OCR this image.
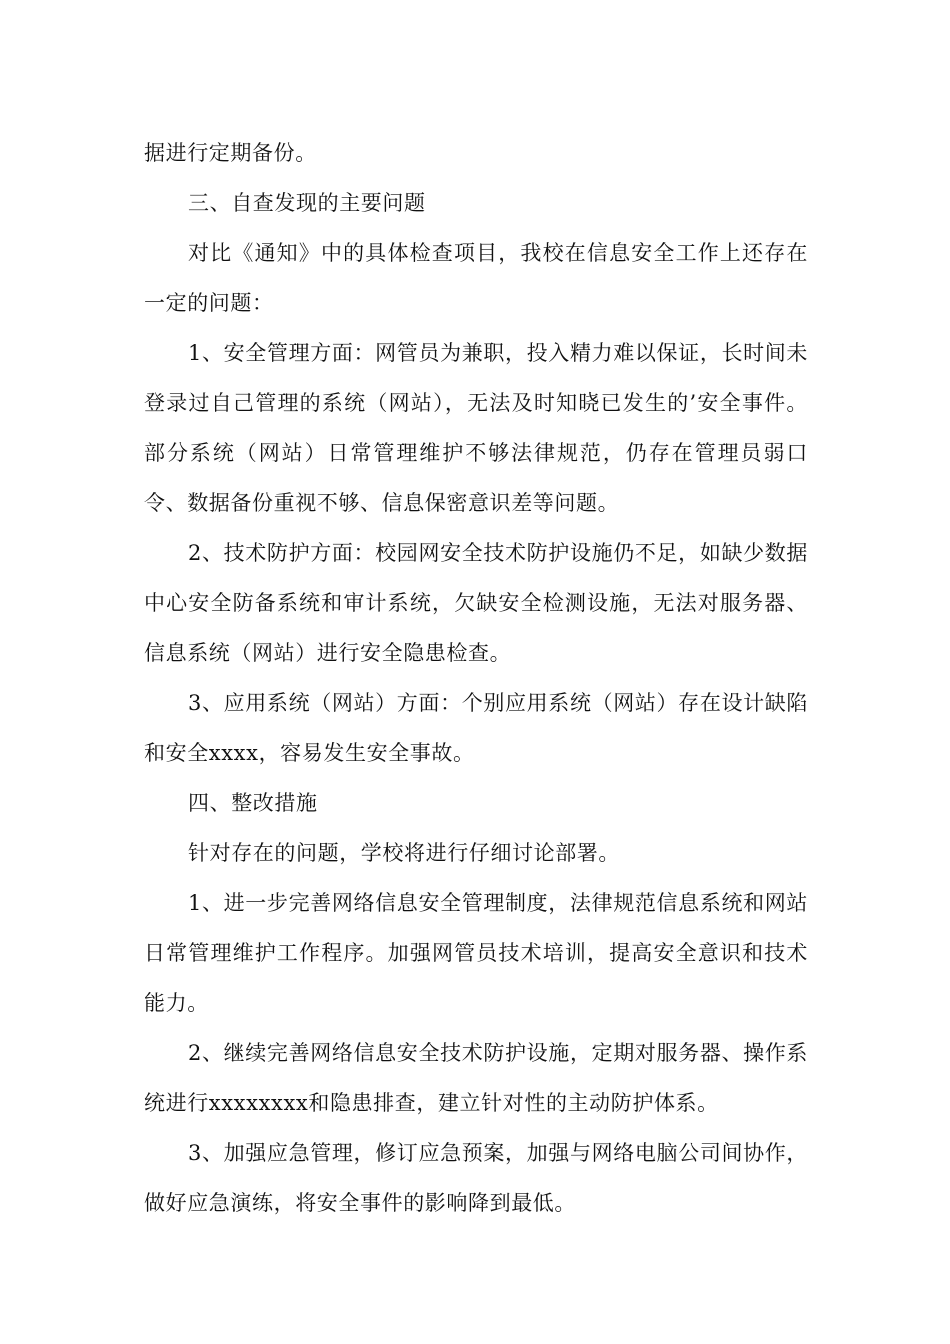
据进行定期备份。

三、自查发现的主要问题

对比《通知》中的具体检查项目，我校在信息安全工作上还存在一定的问题：

1、安全管理方面：网管员为兼职，投入精力难以保证，长时间未登录过自己管理的系统（网站），无法及时知晓已发生的’安全事件。部分系统（网站）日常管理维护不够法律规范，仍存在管理员弱口令、数据备份重视不够、信息保密意识差等问题。

2、技术防护方面：校园网安全技术防护设施仍不足，如缺少数据中心安全防备系统和审计系统，欠缺安全检测设施，无法对服务器、信息系统（网站）进行安全隐患检查。

3、应用系统（网站）方面：个别应用系统（网站）存在设计缺陷和安全xxxx，容易发生安全事故。

四、整改措施

针对存在的问题，学校将进行仔细讨论部署。

1、进一步完善网络信息安全管理制度，法律规范信息系统和网站日常管理维护工作程序。加强网管员技术培训，提高安全意识和技术能力。

2、继续完善网络信息安全技术防护设施，定期对服务器、操作系统进行xxxxxxxx和隐患排查，建立针对性的主动防护体系。

3、加强应急管理，修订应急预案，加强与网络电脑公司间协作，做好应急演练，将安全事件的影响降到最低。
